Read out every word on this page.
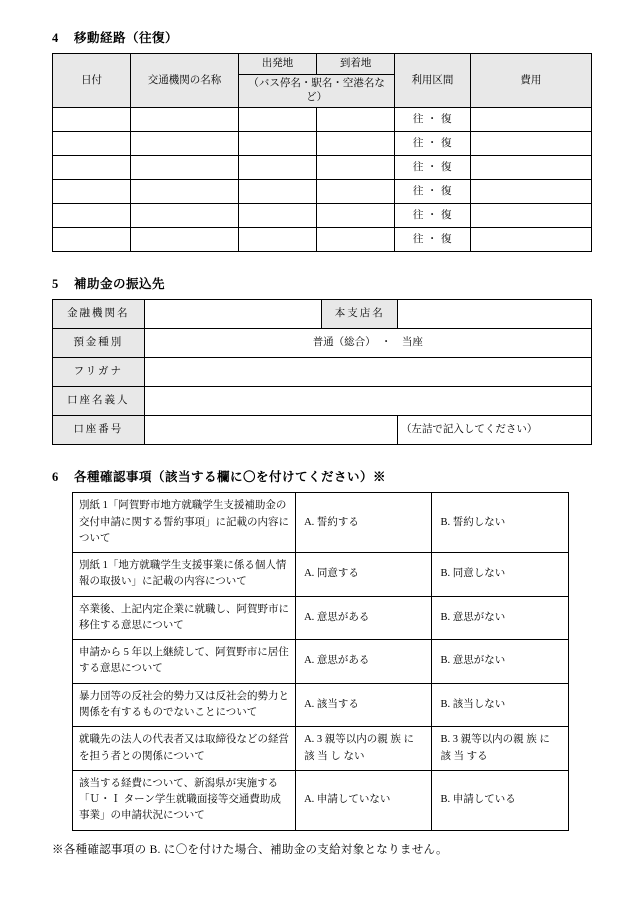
4 移動経路（往復）
日付	交通機関の名称	出発地	到着地	利用区間	費用
		（バス停名・駅名・空港名など）			
				往 ・ 復	
				往 ・ 復	
				往 ・ 復	
				往 ・ 復	
				往 ・ 復	
				往 ・ 復	
5 補助金の振込先
金融機関名		本支店名	
預金種別	普通（総合）　・　当座		
フリガナ			
口座名義人			
口座番号			（左詰で記入してください）
6 各種確認事項（該当する欄に〇を付けてください）※
別紙 1「阿賀野市地方就職学生支援補助金の交付申請に関する誓約事項」に記載の内容について	A. 誓約する	B. 誓約しない
別紙 1「地方就職学生支援事業に係る個人情報の取扱い」に記載の内容について	A. 同意する	B. 同意しない
卒業後、上記内定企業に就職し、阿賀野市に移住する意思について	A. 意思がある	B. 意思がない
申請から 5 年以上継続して、阿賀野市に居住する意思について	A. 意思がある	B. 意思がない
暴力団等の反社会的勢力又は反社会的勢力と関係を有するものでないことについて	A. 該当する	B. 該当しない
就職先の法人の代表者又は取締役などの経営を担う者との関係について	A. 3 親等以内の親 族 に 該 当 し ない	B. 3 親等以内の親 族 に 該 当 する
該当する経費について、新潟県が実施する「Ｕ・Ｉ ターン学生就職面接等交通費助成事業」の申請状況について	A. 申請していない	B. 申請している
※各種確認事項の B. に〇を付けた場合、補助金の支給対象となりません。
